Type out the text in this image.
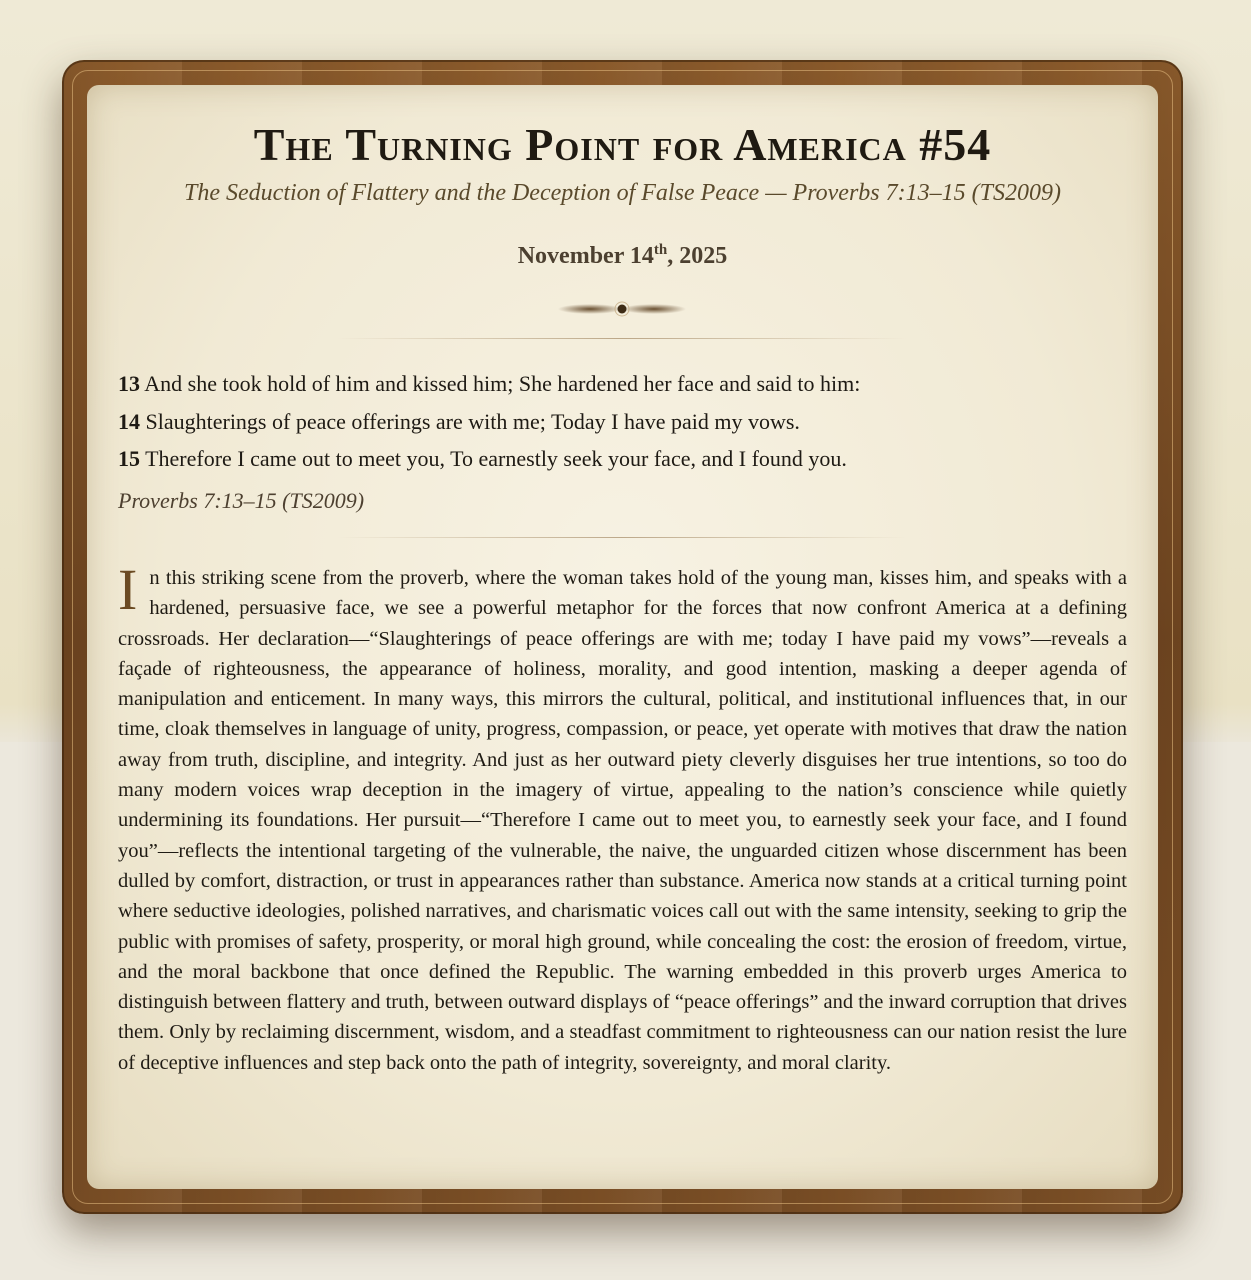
The Turning Point for America #54

The Seduction of Flattery and the Deception of False Peace — Proverbs 7:13–15 (TS2009)

November 14th, 2025
13 And she took hold of him and kissed him; She hardened her face and said to him:
14 Slaughterings of peace offerings are with me; Today I have paid my vows.
15 Therefore I came out to meet you, To earnestly seek your face, and I found you.
Proverbs 7:13–15 (TS2009)
In this striking scene from the proverb, where the woman takes hold of the young man, kisses him, and speaks with a hardened, persuasive face, we see a powerful metaphor for the forces that now confront America at a defining crossroads. Her declaration—“Slaughterings of peace offerings are with me; today I have paid my vows”—reveals a façade of righteousness, the appearance of holiness, morality, and good intention, masking a deeper agenda of manipulation and enticement. In many ways, this mirrors the cultural, political, and institutional influences that, in our time, cloak themselves in language of unity, progress, compassion, or peace, yet operate with motives that draw the nation away from truth, discipline, and integrity. And just as her outward piety cleverly disguises her true intentions, so too do many modern voices wrap deception in the imagery of virtue, appealing to the nation’s conscience while quietly undermining its foundations. Her pursuit—“Therefore I came out to meet you, to earnestly seek your face, and I found you”—reflects the intentional targeting of the vulnerable, the naive, the unguarded citizen whose discernment has been dulled by comfort, distraction, or trust in appearances rather than substance. America now stands at a critical turning point where seductive ideologies, polished narratives, and charismatic voices call out with the same intensity, seeking to grip the public with promises of safety, prosperity, or moral high ground, while concealing the cost: the erosion of freedom, virtue, and the moral backbone that once defined the Republic. The warning embedded in this proverb urges America to distinguish between flattery and truth, between outward displays of “peace offerings” and the inward corruption that drives them. Only by reclaiming discernment, wisdom, and a steadfast commitment to righteousness can our nation resist the lure of deceptive influences and step back onto the path of integrity, sovereignty, and moral clarity.
